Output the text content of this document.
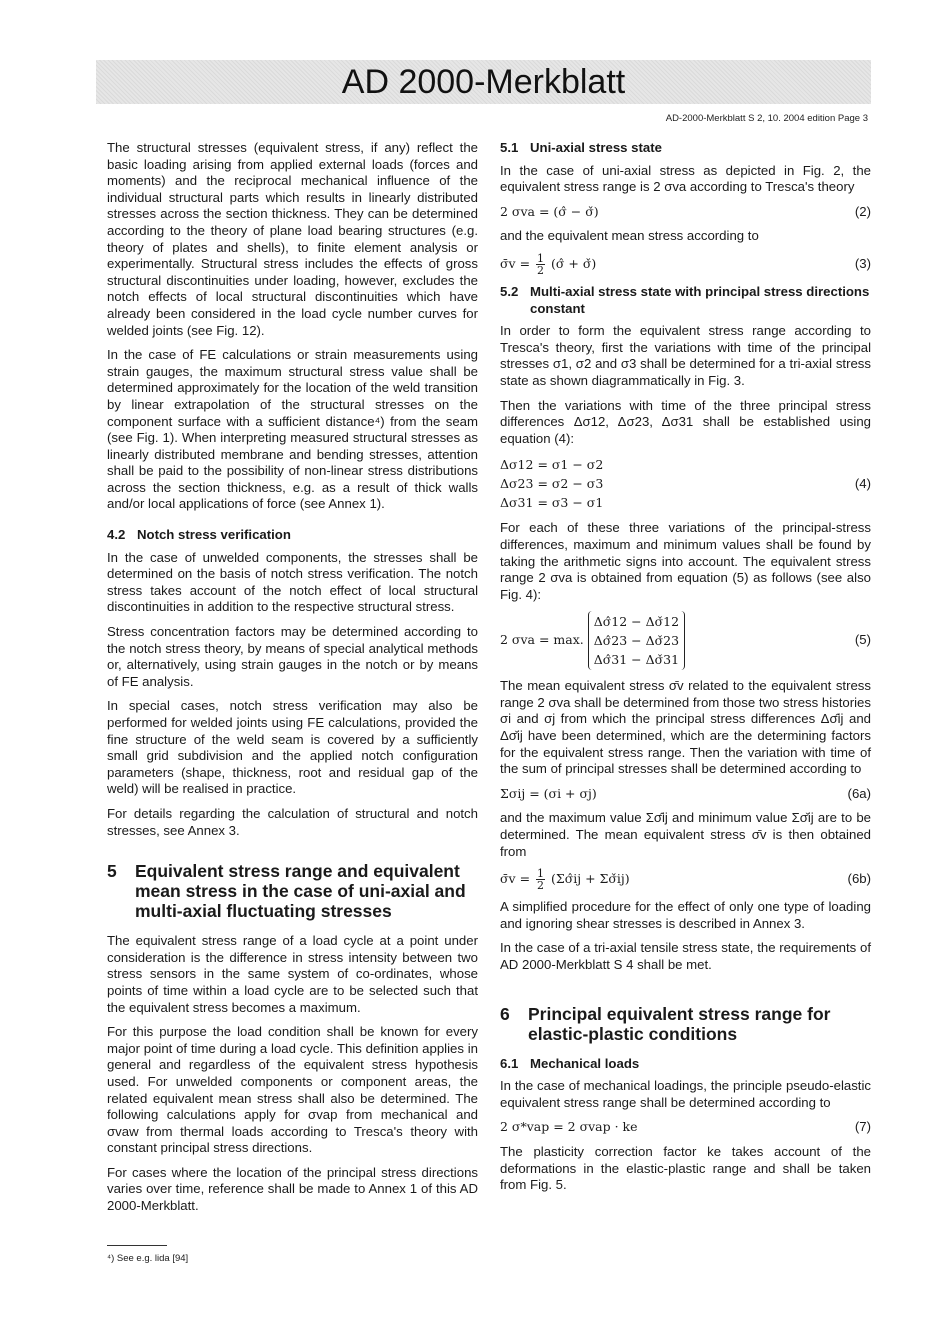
AD 2000-Merkblatt
AD-2000-Merkblatt S 2, 10. 2004 edition Page 3

The structural stresses (equivalent stress, if any) reflect the basic loading arising from applied external loads (forces and moments) and the reciprocal mechanical influence of the individual structural parts which results in linearly distributed stresses across the section thickness. They can be determined according to the theory of plane load bearing structures (e.g. theory of plates and shells), to finite element analysis or experimentally. Structural stress includes the effects of gross structural discontinuities under loading, however, excludes the notch effects of local structural discontinuities which have already been considered in the load cycle number curves for welded joints (see Fig. 12).

In the case of FE calculations or strain measurements using strain gauges, the maximum structural stress value shall be determined approximately for the location of the weld transition by linear extrapolation of the structural stresses on the component surface with a sufficient distance⁴) from the seam (see Fig. 1). When interpreting measured structural stresses as linearly distributed membrane and bending stresses, attention shall be paid to the possibility of non-linear stress distributions across the section thickness, e.g. as a result of thick walls and/or local applications of force (see Annex 1).

4.2 Notch stress verification

In the case of unwelded components, the stresses shall be determined on the basis of notch stress verification. The notch stress takes account of the notch effect of local structural discontinuities in addition to the respective structural stress.

Stress concentration factors may be determined according to the notch stress theory, by means of special analytical methods or, alternatively, using strain gauges in the notch or by means of FE analysis.

In special cases, notch stress verification may also be performed for welded joints using FE calculations, provided the fine structure of the weld seam is covered by a sufficiently small grid subdivision and the applied notch configuration parameters (shape, thickness, root and residual gap of the weld) will be realised in practice.

For details regarding the calculation of structural and notch stresses, see Annex 3.

5	Equivalent stress range and equivalent mean stress in the case of uni-axial and multi-axial fluctuating stresses

The equivalent stress range of a load cycle at a point under consideration is the difference in stress intensity between two stress sensors in the same system of co-ordinates, whose points of time within a load cycle are to be selected such that the equivalent stress becomes a maximum.

For this purpose the load condition shall be known for every major point of time during a load cycle. This definition applies in general and regardless of the equivalent stress hypothesis used. For unwelded components or component areas, the related equivalent mean stress shall also be determined. The following calculations apply for σvap from mechanical and σvaw from thermal loads according to Tresca's theory with constant principal stress directions.

For cases where the location of the principal stress directions varies over time, reference shall be made to Annex 1 of this AD 2000-Merkblatt.

5.1 Uni-axial stress state

In the case of uni-axial stress as depicted in Fig. 2, the equivalent stress range is 2 σva according to Tresca's theory

2 σva = (σ̂ − σ̌)	(2)

and the equivalent mean stress according to

σ̄v = $\frac{1}{2}$ (σ̂ + σ̌)	(3)
5.2 Multi-axial stress state with principal stress directions constant

In order to form the equivalent stress range according to Tresca's theory, first the variations with time of the principal stresses σ1, σ2 and σ3 shall be determined for a tri-axial stress state as shown diagrammatically in Fig. 3.

Then the variations with time of the three principal stress differences Δσ12, Δσ23, Δσ31 shall be established using equation (4):

Δσ12 = σ1 − σ2
Δσ23 = σ2 − σ3
Δσ31 = σ3 − σ1
(4)

For each of these three variations of the principal-stress differences, maximum and minimum values shall be found by taking the arithmetic signs into account. The equivalent stress range 2 σva is obtained from equation (5) as follows (see also Fig. 4):

2 σva = max.
Δσ̂12 − Δσ̌12
Δσ̂23 − Δσ̌23
Δσ̂31 − Δσ̌31
(5)

The mean equivalent stress σ̄v related to the equivalent stress range 2 σva shall be determined from those two stress histories σi and σj from which the principal stress differences Δσ̂ij and Δσ̌ij have been determined, which are the determining factors for the equivalent stress range. Then the variation with time of the sum of principal stresses shall be determined according to

Σσij = (σi + σj)	(6a)

and the maximum value Σσ̂ij and minimum value Σσ̌ij are to be determined. The mean equivalent stress σ̄v is then obtained from

σ̄v = $\frac{1}{2}$ (Σσ̂ij + Σσ̌ij)	(6b)

A simplified procedure for the effect of only one type of loading and ignoring shear stresses is described in Annex 3.

In the case of a tri-axial tensile stress state, the requirements of AD 2000-Merkblatt S 4 shall be met.

6	Principal equivalent stress range for elastic-plastic conditions
6.1 Mechanical loads

In the case of mechanical loadings, the principle pseudo-elastic equivalent stress range shall be determined according to

2 σ*vap = 2 σvap · ke	(7)

The plasticity correction factor ke takes account of the deformations in the elastic-plastic range and shall be taken from Fig. 5.

⁴) See e.g. lida [94]
